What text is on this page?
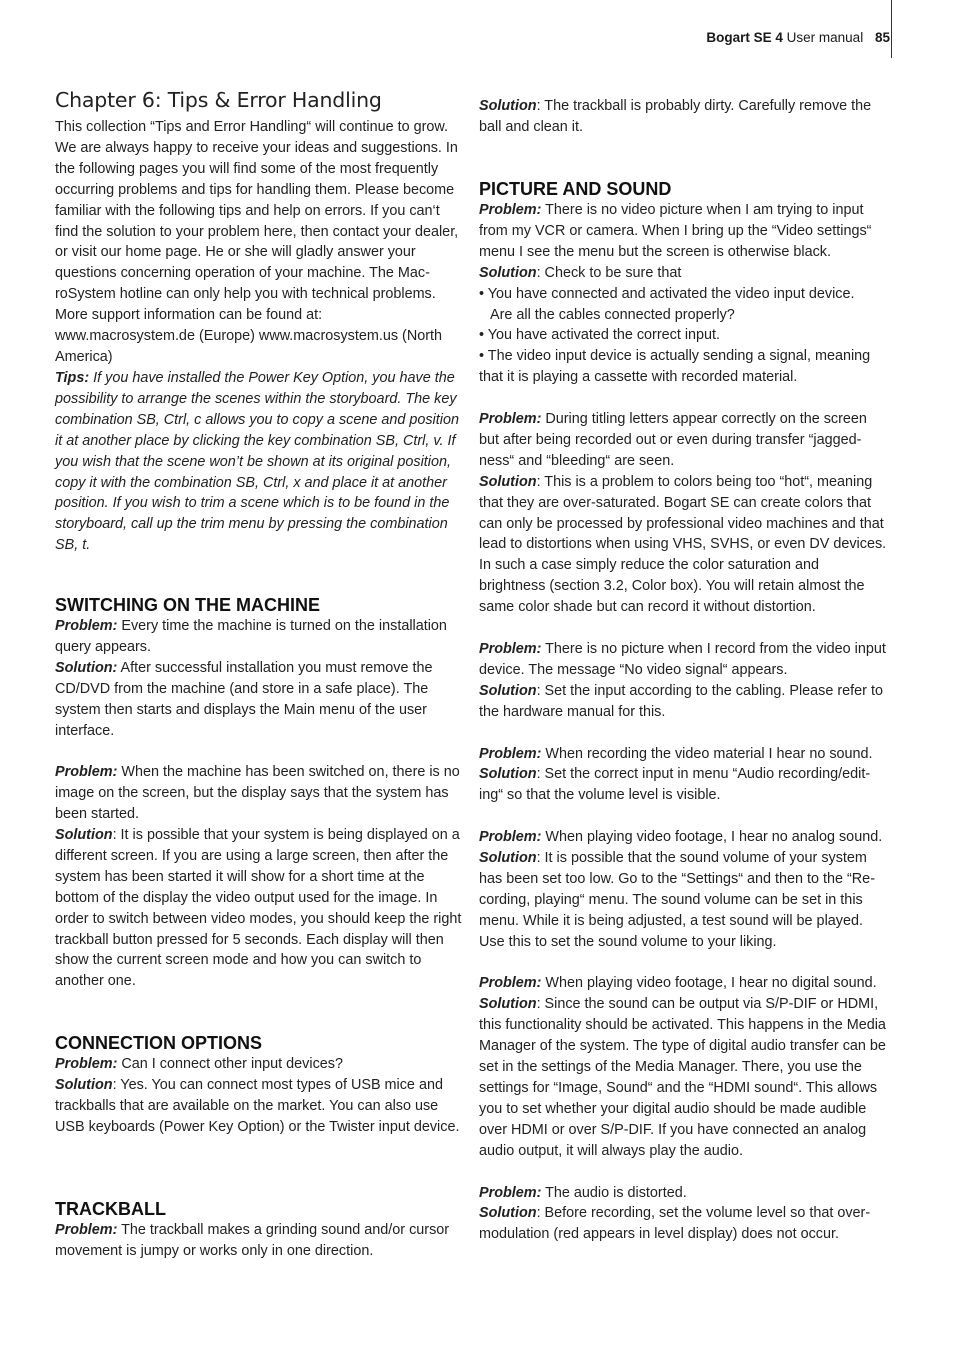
Bogart SE 4 User manual 85
Chapter 6: Tips & Error Handling

This collection “Tips and Error Handling“ will continue to grow. We are always happy to receive your ideas and suggestions. In the following pages you will find some of the most frequently occurring problems and tips for handling them. Please become familiar with the following tips and help on errors. If you can‘t find the solution to your problem here, then contact your dealer, or visit our home page. He or she will gladly answer your questions concerning operation of your machine. The MacroSystem hotline can only help you with technical problems. More support information can be found at: www.macrosystem.de (Europe) www.macrosystem.us (North America)

Tips: If you have installed the Power Key Option, you have the possibility to arrange the scenes within the storyboard. The key combination SB, Ctrl, c allows you to copy a scene and position it at another place by clicking the key combination SB, Ctrl, v. If you wish that the scene won’t be shown at its original position, copy it with the combination SB, Ctrl, x and place it at another position. If you wish to trim a scene which is to be found in the storyboard, call up the trim menu by pressing the combination SB, t.

SWITCHING ON THE MACHINE

Problem: Every time the machine is turned on the installation query appears.

Solution: After successful installation you must remove the CD/DVD from the machine (and store in a safe place). The system then starts and displays the Main menu of the user interface.

Problem: When the machine has been switched on, there is no image on the screen, but the display says that the system has been started.

Solution: It is possible that your system is being displayed on a different screen. If you are using a large screen, then after the system has been started it will show for a short time at the bottom of the display the video output used for the image. In order to switch between video modes, you should keep the right trackball button pressed for 5 seconds. Each display will then show the current screen mode and how you can switch to another one.

CONNECTION OPTIONS

Problem: Can I connect other input devices?

Solution: Yes. You can connect most types of USB mice and trackballs that are available on the market. You can also use USB keyboards (Power Key Option) or the Twister input device.

TRACKBALL

Problem: The trackball makes a grinding sound and/or cursor movement is jumpy or works only in one direction.

Solution: The trackball is probably dirty. Carefully remove the ball and clean it.

PICTURE AND SOUND

Problem: There is no video picture when I am trying to input from my VCR or camera. When I bring up the “Video settings“ menu I see the menu but the screen is otherwise black.

Solution: Check to be sure that

• You have connected and activated the video input device.

Are all the cables connected properly?

• You have activated the correct input.

• The video input device is actually sending a signal, meaning that it is playing a cassette with recorded material.

Problem: During titling letters appear correctly on the screen but after being recorded out or even during transfer “jaggedness“ and “bleeding“ are seen.

Solution: This is a problem to colors being too “hot“, meaning that they are over-saturated. Bogart SE can create colors that can only be processed by professional video machines and that lead to distortions when using VHS, SVHS, or even DV devices. In such a case simply reduce the color saturation and brightness (section 3.2, Color box). You will retain almost the same color shade but can record it without distortion.

Problem: There is no picture when I record from the video input device. The message “No video signal“ appears.

Solution: Set the input according to the cabling. Please refer to the hardware manual for this.

Problem: When recording the video material I hear no sound.

Solution: Set the correct input in menu “Audio recording/editing“ so that the volume level is visible.

Problem: When playing video footage, I hear no analog sound.

Solution: It is possible that the sound volume of your system has been set too low. Go to the “Settings“ and then to the “Recording, playing“ menu. The sound volume can be set in this menu. While it is being adjusted, a test sound will be played. Use this to set the sound volume to your liking.

Problem: When playing video footage, I hear no digital sound.

Solution: Since the sound can be output via S/P-DIF or HDMI, this functionality should be activated. This happens in the Media Manager of the system. The type of digital audio transfer can be set in the settings of the Media Manager. There, you use the settings for “Image, Sound“ and the “HDMI sound“. This allows you to set whether your digital audio should be made audible over HDMI or over S/P-DIF. If you have connected an analog audio output, it will always play the audio.

Problem: The audio is distorted.

Solution: Before recording, set the volume level so that overmodulation (red appears in level display) does not occur.
